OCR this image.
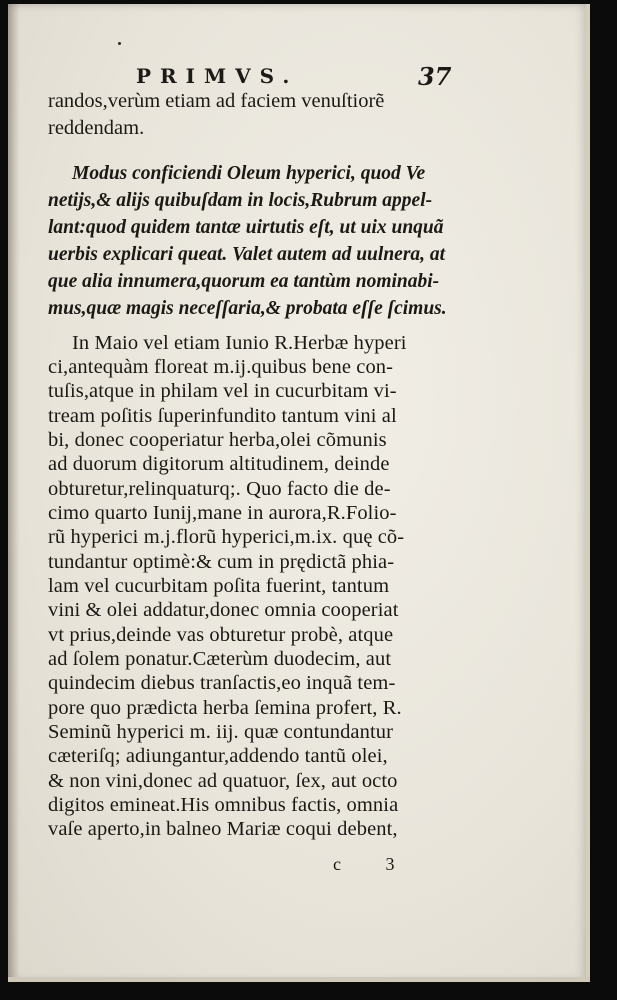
PRIMVS.	37
randos,verùm etiam ad faciem venuſtiorẽ
reddendam.
Modus conficiendi Oleum hyperici, quod Ve
netijs,& alijs quibuſdam in locis,Rubrum appel-
lant:quod quidem tantæ uirtutis eſt, ut uix unquã
uerbis explicari queat. Valet autem ad uulnera, at
que alia innumera,quorum ea tantùm nominabi-
mus,quæ magis neceſſaria,& probata eſſe ſcimus.
In Maio vel etiam Iunio R.Herbæ hyperi
ci,antequàm floreat m.ij.quibus bene con-
tuſis,atque in philam vel in cucurbitam vi-
tream poſitis ſuperinfundito tantum vini al
bi, donec cooperiatur herba,olei cõmunis
ad duorum digitorum altitudinem, deinde
obturetur,relinquaturq;. Quo facto die de-
cimo quarto Iunij,mane in aurora,R.Folio-
rũ hyperici m.j.florũ hyperici,m.ix. quę cõ-
tundantur optimè:& cum in prędictã phia-
lam vel cucurbitam poſita fuerint, tantum
vini & olei addatur,donec omnia cooperiat
vt prius,deinde vas obturetur probè, atque
ad ſolem ponatur.Cæterùm duodecim, aut
quindecim diebus tranſactis,eo inquã tem-
pore quo prædicta herba ſemina profert, R.
Seminũ hyperici m. iij. quæ contundantur
cæteriſq; adiungantur,addendo tantũ olei,
& non vini,donec ad quatuor, ſex, aut octo
digitos emineat.His omnibus factis, omnia
vaſe aperto,in balneo Mariæ coqui debent,
c 3
